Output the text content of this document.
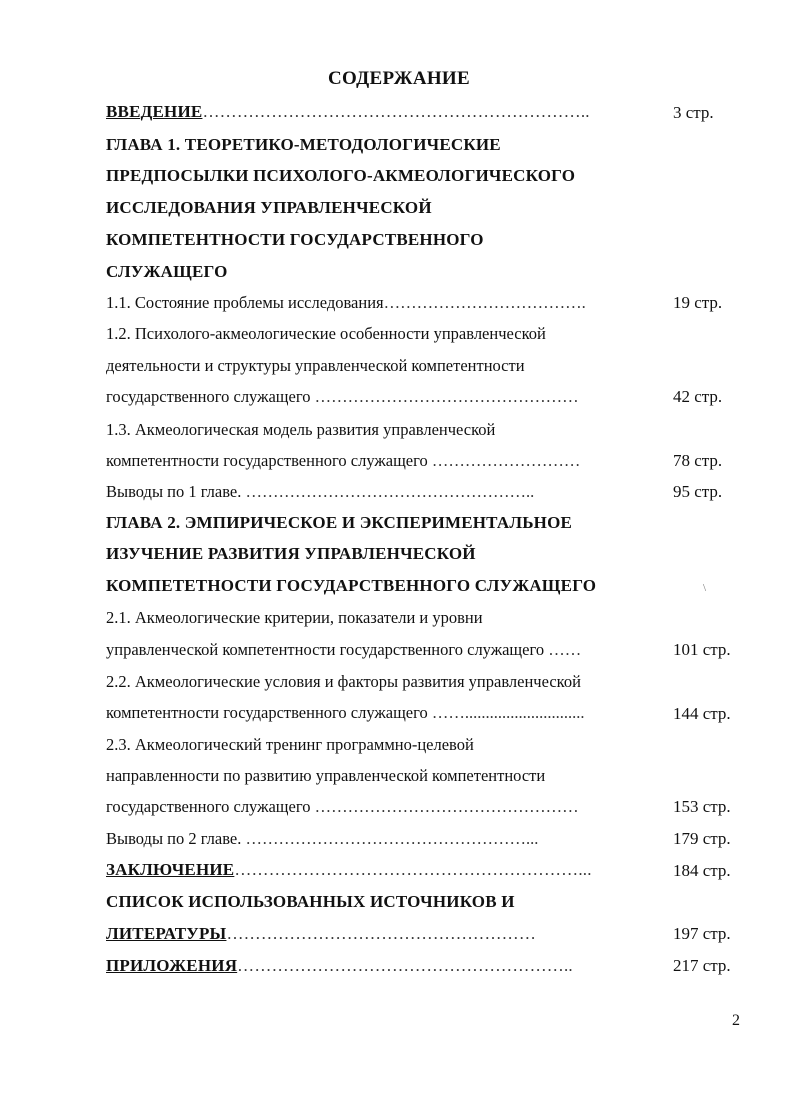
СОДЕРЖАНИЕ
ВВЕДЕНИЕ…………………………………………………………..	3 стр.
ГЛАВА 1. ТЕОРЕТИКО-МЕТОДОЛОГИЧЕСКИЕ
ПРЕДПОСЫЛКИ ПСИХОЛОГО-АКМЕОЛОГИЧЕСКОГО
ИССЛЕДОВАНИЯ УПРАВЛЕНЧЕСКОЙ
КОМПЕТЕНТНОСТИ ГОСУДАРСТВЕННОГО
СЛУЖАЩЕГО
1.1. Состояние проблемы исследования……………………………….	19 стр.
1.2. Психолого-акмеологические особенности управленческой
деятельности и структуры управленческой компетентности
государственного служащего …………………………………………	42 стр.
1.3. Акмеологическая модель развития управленческой
компетентности государственного служащего ………………………	78 стр.
Выводы по 1 главе. ……………………………………………..	95 стр.
ГЛАВА 2. ЭМПИРИЧЕСКОЕ И ЭКСПЕРИМЕНТАЛЬНОЕ
ИЗУЧЕНИЕ РАЗВИТИЯ УПРАВЛЕНЧЕСКОЙ
КОМПЕТЕТНОСТИ ГОСУДАРСТВЕННОГО СЛУЖАЩЕГО	\
2.1. Акмеологические критерии, показатели и уровни
управленческой компетентности государственного служащего ……	101 стр.
2.2. Акмеологические условия и факторы развития управленческой
компетентности государственного служащего …….............................	144 стр.
2.3. Акмеологический тренинг программно-целевой
направленности по развитию управленческой компетентности
государственного служащего …………………………………………	153 стр.
Выводы по 2 главе. ……………………………………………...	179 стр.
ЗАКЛЮЧЕНИЕ……………………………………………………...	184 стр.
СПИСОК ИСПОЛЬЗОВАННЫХ ИСТОЧНИКОВ И
ЛИТЕРАТУРЫ………………………………………………	197 стр.
ПРИЛОЖЕНИЯ…………………………………………………..	217 стр.
2
